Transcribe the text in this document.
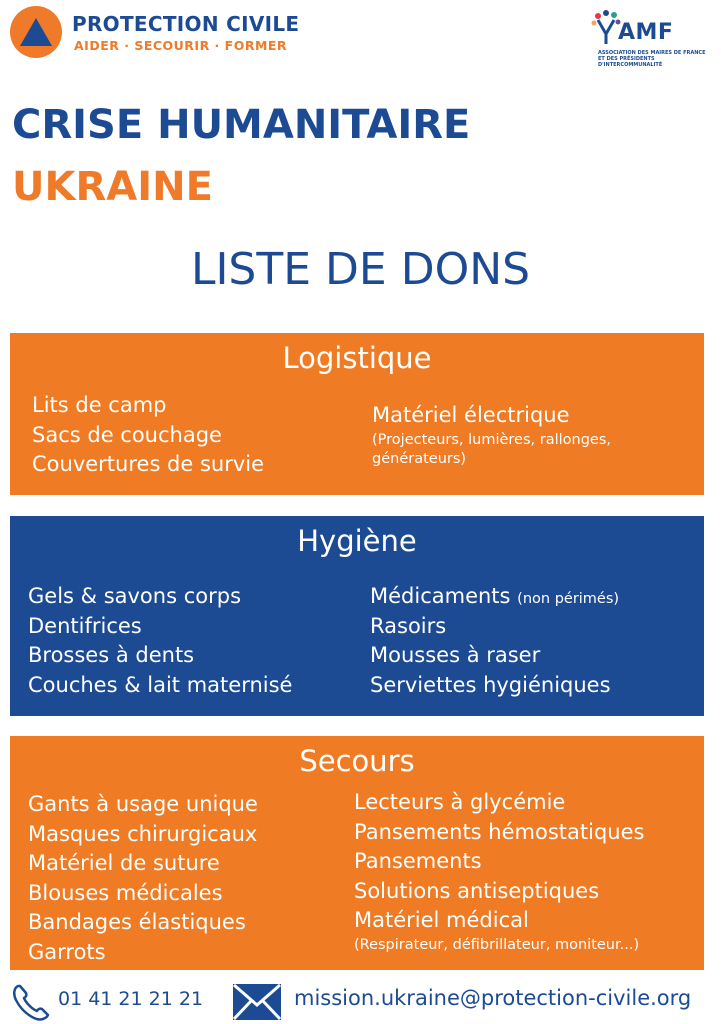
PROTECTION CIVILE
AIDER · SECOURIR · FORMER
AMF
ASSOCIATION DES MAIRES DE FRANCE ET DES PRÉSIDENTS D'INTERCOMMUNALITÉ
CRISE HUMANITAIRE
UKRAINE
LISTE DE DONS
Logistique
Lits de camp
Sacs de couchage
Couvertures de survie
Matériel électrique
(Projecteurs, lumières, rallonges, générateurs)
Hygiène
Gels & savons corps
Dentifrices
Brosses à dents
Couches & lait maternisé
Médicaments (non périmés)
Rasoirs
Mousses à raser
Serviettes hygiéniques
Secours
Gants à usage unique
Masques chirurgicaux
Matériel de suture
Blouses médicales
Bandages élastiques
Garrots
Lecteurs à glycémie
Pansements hémostatiques
Pansements
Solutions antiseptiques
Matériel médical
(Respirateur, défibrillateur, moniteur...)
01 41 21 21 21	mission.ukraine@protection-civile.org
